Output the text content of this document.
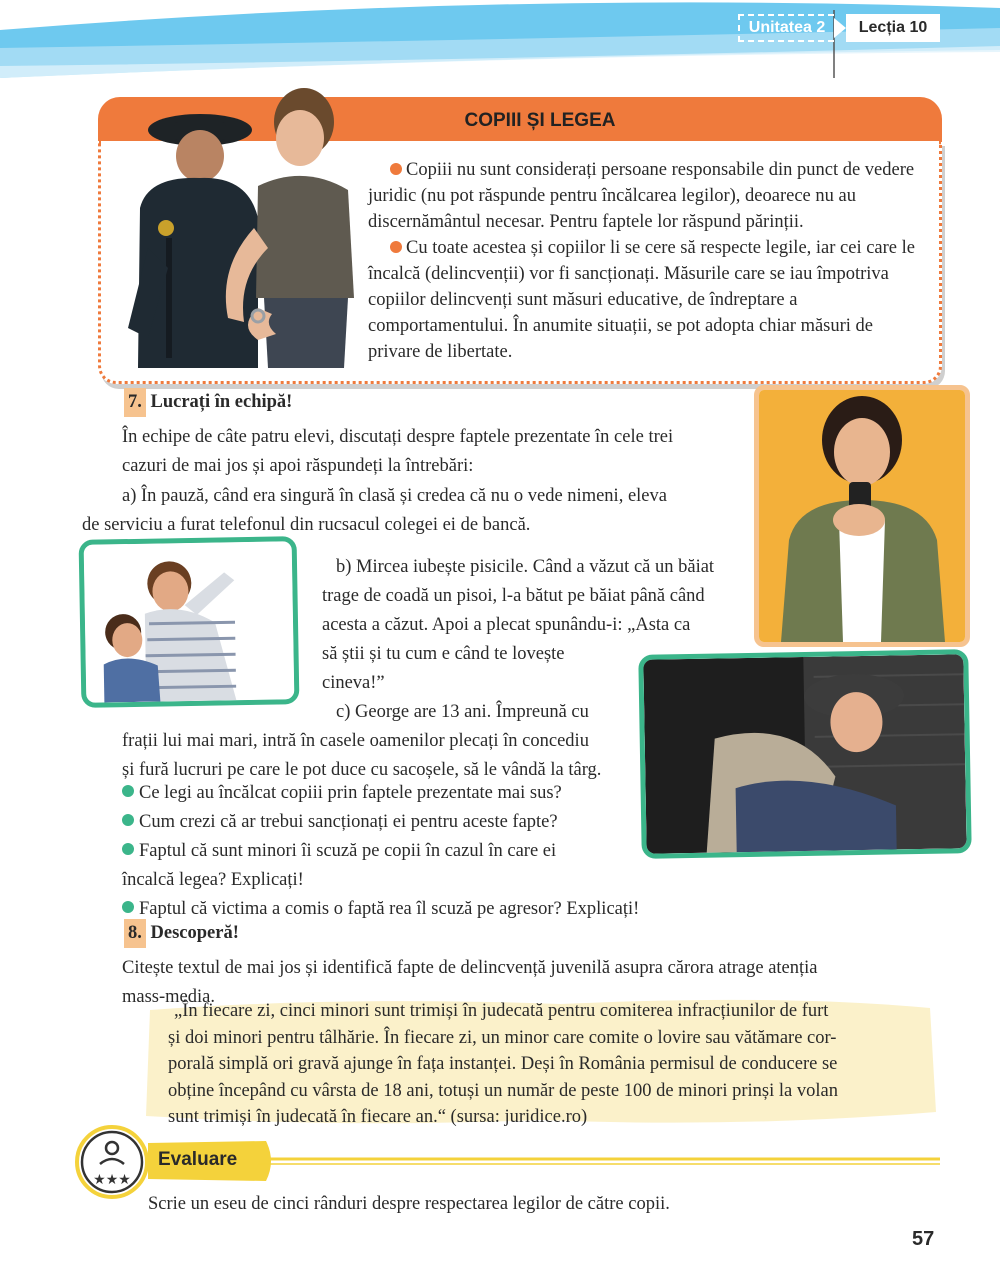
Unitatea 2	Lecția 10
COPIII ȘI LEGEA

Copiii nu sunt considerați persoane responsabile din punct de vedere juridic (nu pot răspunde pentru încălcarea legilor), deoarece nu au discernământul necesar. Pentru faptele lor răspund părinții.

Cu toate acestea și copiilor li se cere să respecte legile, iar cei care le încalcă (delincvenții) vor fi sancționați. Măsurile care se iau împotriva copiilor delincvenți sunt măsuri educative, de îndreptare a comportamentului. În anumite situații, se pot adopta chiar măsuri de privare de libertate.

7. Lucrați în echipă!
În echipe de câte patru elevi, discutați despre faptele prezentate în cele trei
cazuri de mai jos și apoi răspundeți la întrebări:
a) În pauză, când era singură în clasă și credea că nu o vede nimeni, eleva
de serviciu a furat telefonul din rucsacul colegei ei de bancă.
b) Mircea iubește pisicile. Când a văzut că un băiat
trage de coadă un pisoi, l-a bătut pe băiat până când
acesta a căzut. Apoi a plecat spunându-i: „Asta ca
să știi și tu cum e când te lovește
cineva!”
c) George are 13 ani. Împreună cu
frații lui mai mari, intră în casele oamenilor plecați în concediu
și fură lucruri pe care le pot duce cu sacoșele, să le vândă la târg.
Ce legi au încălcat copiii prin faptele prezentate mai sus?
Cum crezi că ar trebui sancționați ei pentru aceste fapte?
Faptul că sunt minori îi scuză pe copii în cazul în care ei
încalcă legea? Explicați!
Faptul că victima a comis o faptă rea îl scuză pe agresor? Explicați!
8. Descoperă!
Citește textul de mai jos și identifică fapte de delincvență juvenilă asupra cărora atrage atenția
mass-media.
„În fiecare zi, cinci minori sunt trimiși în judecată pentru comiterea infracțiunilor de furt
și doi minori pentru tâlhărie. În fiecare zi, un minor care comite o lovire sau vătămare cor-
porală simplă ori gravă ajunge în fața instanței. Deși în România permisul de conducere se
obține începând cu vârsta de 18 ani, totuși un număr de peste 100 de minori prinși la volan
sunt trimiși în judecată în fiecare an.“ (sursa: juridice.ro)
Evaluare
★★★
Scrie un eseu de cinci rânduri despre respectarea legilor de către copii.
57
